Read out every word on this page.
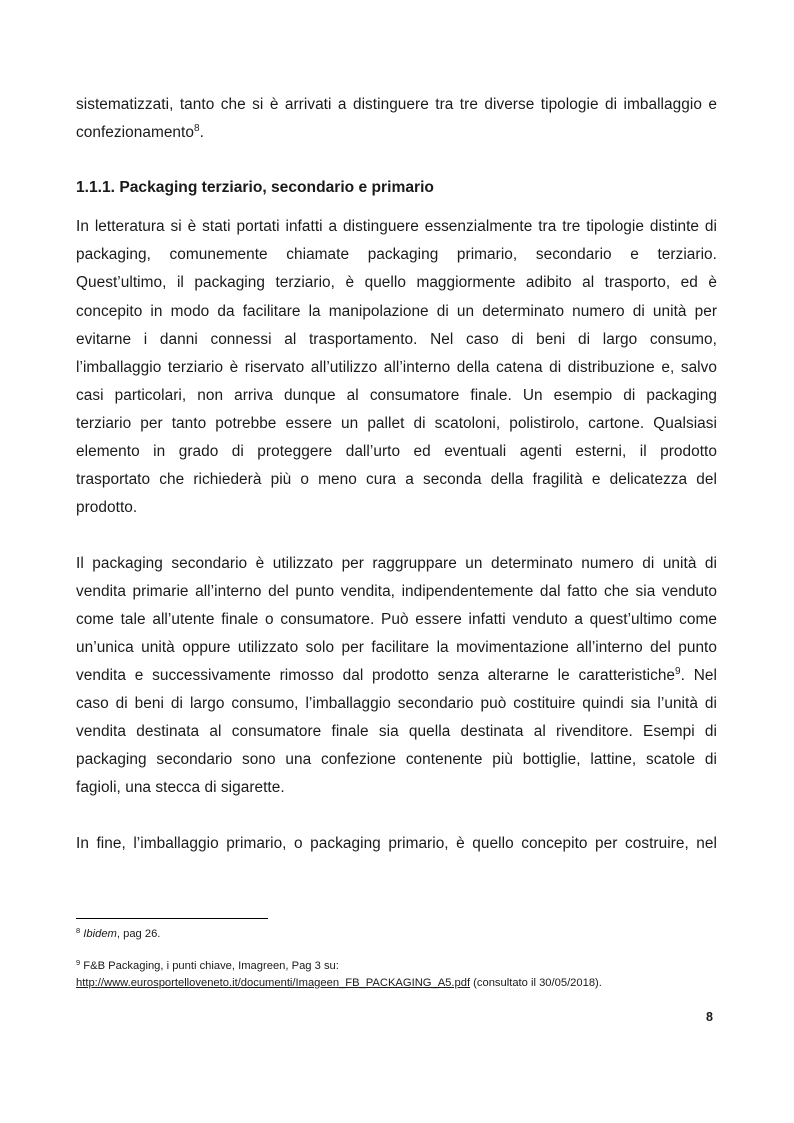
sistematizzati, tanto che si è arrivati a distinguere tra tre diverse tipologie di imballaggio e
confezionamento$^8$.
1.1.1. Packaging terziario, secondario e primario
In letteratura si è stati portati infatti a distinguere essenzialmente tra tre tipologie distinte di
packaging, comunemente chiamate packaging primario, secondario e terziario.
Quest’ultimo, il packaging terziario, è quello maggiormente adibito al trasporto, ed è
concepito in modo da facilitare la manipolazione di un determinato numero di unità per
evitarne i danni connessi al trasportamento. Nel caso di beni di largo consumo,
l’imballaggio terziario è riservato all’utilizzo all’interno della catena di distribuzione e, salvo
casi particolari, non arriva dunque al consumatore finale. Un esempio di packaging
terziario per tanto potrebbe essere un pallet di scatoloni, polistirolo, cartone. Qualsiasi
elemento in grado di proteggere dall’urto ed eventuali agenti esterni, il prodotto
trasportato che richiederà più o meno cura a seconda della fragilità e delicatezza del
prodotto.
Il packaging secondario è utilizzato per raggruppare un determinato numero di unità di
vendita primarie all’interno del punto vendita, indipendentemente dal fatto che sia venduto
come tale all’utente finale o consumatore. Può essere infatti venduto a quest’ultimo come
un’unica unità oppure utilizzato solo per facilitare la movimentazione all’interno del punto
vendita e successivamente rimosso dal prodotto senza alterarne le caratteristiche$^9$. Nel
caso di beni di largo consumo, l’imballaggio secondario può costituire quindi sia l’unità di
vendita destinata al consumatore finale sia quella destinata al rivenditore. Esempi di
packaging secondario sono una confezione contenente più bottiglie, lattine, scatole di
fagioli, una stecca di sigarette.
In fine, l’imballaggio primario, o packaging primario, è quello concepito per costruire, nel
$^8$ Ibidem, pag 26.
$^9$ F&B Packaging, i punti chiave, Imagreen, Pag 3 su:
http://www.eurosportelloveneto.it/documenti/Imageen_FB_PACKAGING_A5.pdf (consultato il 30/05/2018).
8
